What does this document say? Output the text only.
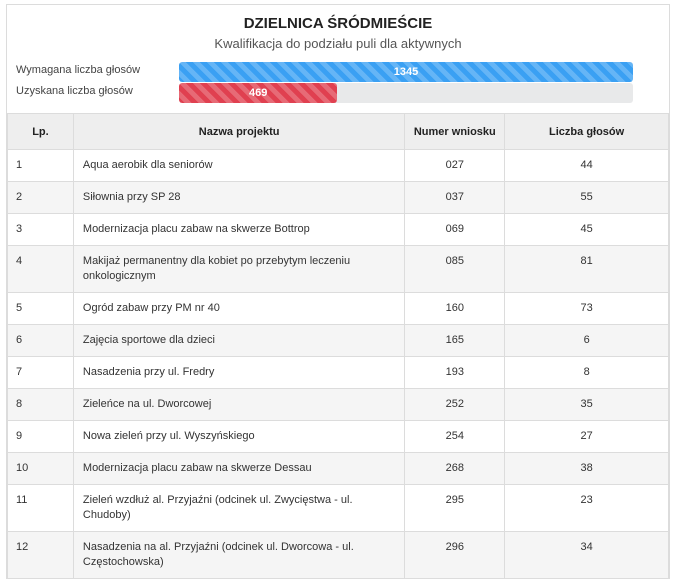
DZIELNICA ŚRÓDMIEŚCIE
Kwalifikacja do podziału puli dla aktywnych
Wymagana liczba głosów	1345
Uzyskana liczba głosów	469
Lp.	Nazwa projektu	Numer wniosku	Liczba głosów
1	Aqua aerobik dla seniorów	027	44
2	Siłownia przy SP 28	037	55
3	Modernizacja placu zabaw na skwerze Bottrop	069	45
4	Makijaż permanentny dla kobiet po przebytym leczeniu onkologicznym	085	81
5	Ogród zabaw przy PM nr 40	160	73
6	Zajęcia sportowe dla dzieci	165	6
7	Nasadzenia przy ul. Fredry	193	8
8	Zieleńce na ul. Dworcowej	252	35
9	Nowa zieleń przy ul. Wyszyńskiego	254	27
10	Modernizacja placu zabaw na skwerze Dessau	268	38
11	Zieleń wzdłuż al. Przyjaźni (odcinek ul. Zwycięstwa - ul. Chudoby)	295	23
12	Nasadzenia na al. Przyjaźni (odcinek ul. Dworcowa - ul. Częstochowska)	296	34
